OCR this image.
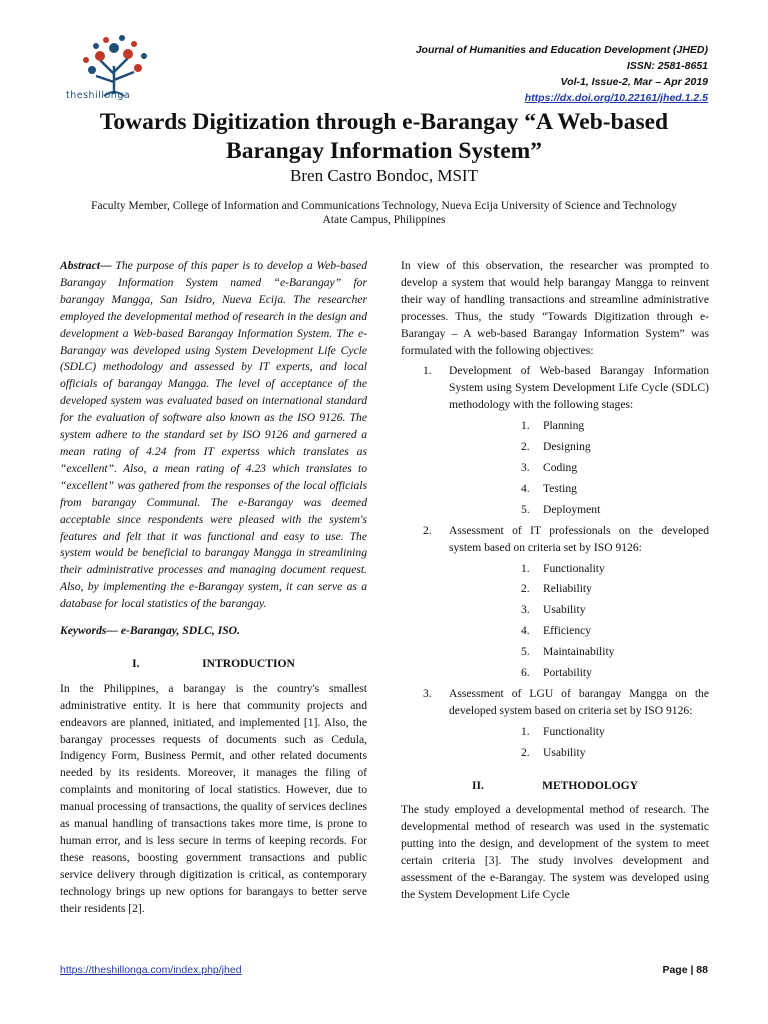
theshillonga
Journal of Humanities and Education Development (JHED)
ISSN: 2581-8651
Vol-1, Issue-2, Mar – Apr 2019
https://dx.doi.org/10.22161/jhed.1.2.5
Towards Digitization through e-Barangay “A Web-based
Barangay Information System”
Bren Castro Bondoc, MSIT
Faculty Member, College of Information and Communications Technology, Nueva Ecija University of Science and Technology
Atate Campus, Philippines

Abstract— The purpose of this paper is to develop a Web-based Barangay Information System named “e-Barangay” for barangay Mangga, San Isidro, Nueva Ecija. The researcher employed the developmental method of research in the design and development a Web-based Barangay Information System. The e-Barangay was developed using System Development Life Cycle (SDLC) methodology and assessed by IT experts, and local officials of barangay Mangga. The level of acceptance of the developed system was evaluated based on international standard for the evaluation of software also known as the ISO 9126. The system adhere to the standard set by ISO 9126 and garnered a mean rating of 4.24 from IT expertss which translates as “excellent”. Also, a mean rating of 4.23 which translates to “excellent” was gathered from the responses of the local officials from barangay Communal. The e-Barangay was deemed acceptable since respondents were pleased with the system's features and felt that it was functional and easy to use. The system would be beneficial to barangay Mangga in streamlining their administrative processes and managing document request. Also, by implementing the e-Barangay system, it can serve as a database for local statistics of the barangay.

Keywords— e-Barangay, SDLC, ISO.

I.	INTRODUCTION

In the Philippines, a barangay is the country's smallest administrative entity. It is here that community projects and endeavors are planned, initiated, and implemented [1]. Also, the barangay processes requests of documents such as Cedula, Indigency Form, Business Permit, and other related documents needed by its residents. Moreover, it manages the filing of complaints and monitoring of local statistics. However, due to manual processing of transactions, the quality of services declines as manual handling of transactions takes more time, is prone to human error, and is less secure in terms of keeping records. For these reasons, boosting government transactions and public service delivery through digitization is critical, as contemporary technology brings up new options for barangays to better serve their residents [2].

In view of this observation, the researcher was prompted to develop a system that would help barangay Mangga to reinvent their way of handling transactions and streamline administrative processes. Thus, the study “Towards Digitization through e-Barangay – A web-based Barangay Information System” was formulated with the following objectives:

1. Development of Web-based Barangay Information System using System Development Life Cycle (SDLC) methodology with the following stages:
1. Planning
2. Designing
3. Coding
4. Testing
5. Deployment
2. Assessment of IT professionals on the developed system based on criteria set by ISO 9126:
1. Functionality
2. Reliability
3. Usability
4. Efficiency
5. Maintainability
6. Portability
3. Assessment of LGU of barangay Mangga on the developed system based on criteria set by ISO 9126:
1. Functionality
2. Usability
II.	METHODOLOGY

The study employed a developmental method of research. The developmental method of research was used in the systematic putting into the design, and development of the system to meet certain criteria [3]. The study involves development and assessment of the e-Barangay. The system was developed using the System Development Life Cycle

https://theshillonga.com/index.php/jhed	Page | 88
